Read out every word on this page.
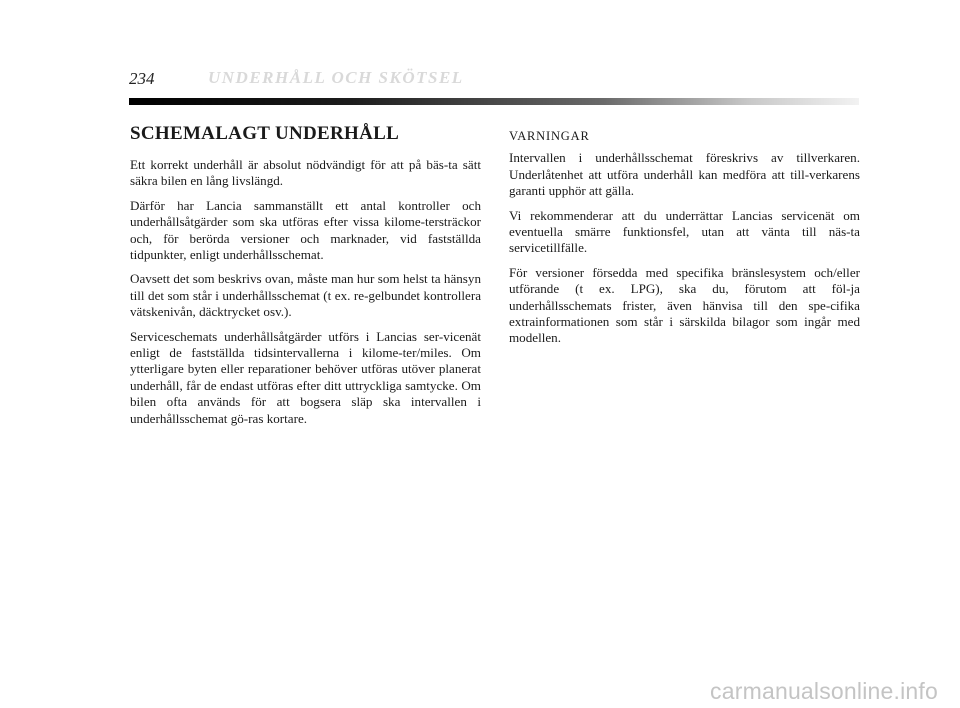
234	UNDERHÅLL OCH SKÖTSEL
SCHEMALAGT UNDERHÅLL

Ett korrekt underhåll är absolut nödvändigt för att på bäs-ta sätt säkra bilen en lång livslängd.

Därför har Lancia sammanställt ett antal kontroller och underhållsåtgärder som ska utföras efter vissa kilome-tersträckor och, för berörda versioner och marknader, vid fastställda tidpunkter, enligt underhållsschemat.

Oavsett det som beskrivs ovan, måste man hur som helst ta hänsyn till det som står i underhållsschemat (t ex. re-gelbundet kontrollera vätskenivån, däcktrycket osv.).

Serviceschemats underhållsåtgärder utförs i Lancias ser-vicenät enligt de fastställda tidsintervallerna i kilome-ter/miles. Om ytterligare byten eller reparationer behöver utföras utöver planerat underhåll, får de endast utföras efter ditt uttryckliga samtycke. Om bilen ofta används för att bogsera släp ska intervallen i underhållsschemat gö-ras kortare.

VARNINGAR

Intervallen i underhållsschemat föreskrivs av tillverkaren. Underlåtenhet att utföra underhåll kan medföra att till-verkarens garanti upphör att gälla.

Vi rekommenderar att du underrättar Lancias servicenät om eventuella smärre funktionsfel, utan att vänta till näs-ta servicetillfälle.

För versioner försedda med specifika bränslesystem och/eller utförande (t ex. LPG), ska du, förutom att föl-ja underhållsschemats frister, även hänvisa till den spe-cifika extrainformationen som står i särskilda bilagor som ingår med modellen.

carmanualsonline.info
